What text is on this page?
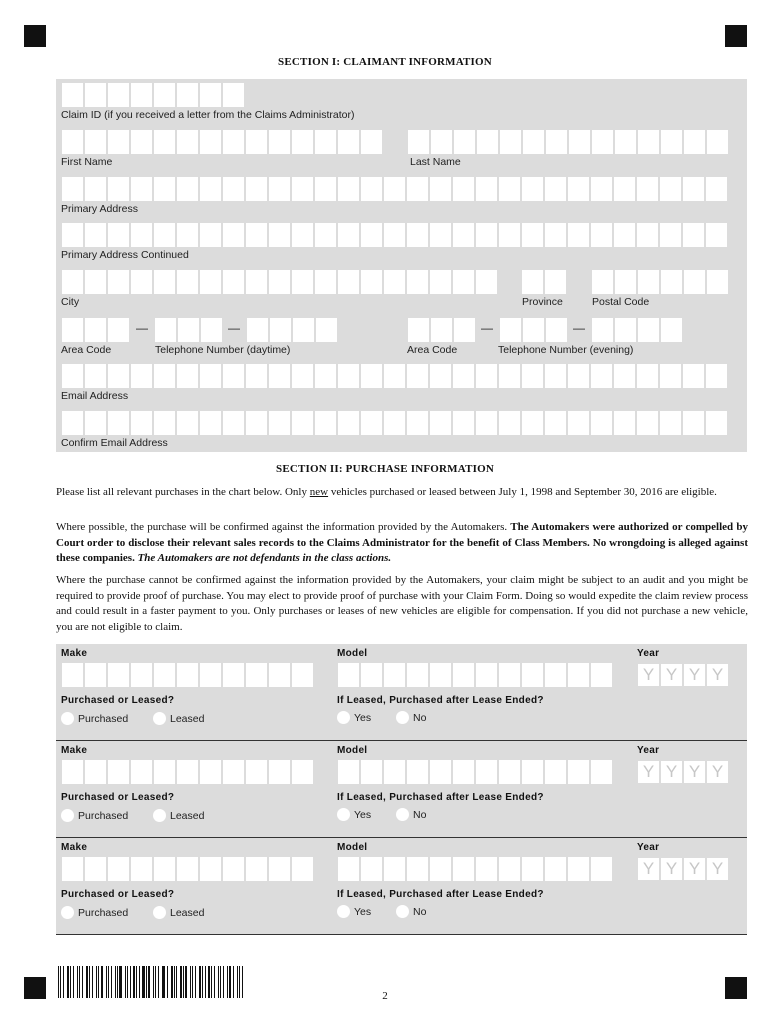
SECTION I: CLAIMANT INFORMATION
Claim ID (if you received a letter from the Claims Administrator)
First Name	Last Name
Primary Address
Primary Address Continued
City	Province	Postal Code
—	—	—	—
Area Code	Telephone Number (daytime)	Area Code	Telephone Number (evening)
Email Address
Confirm Email Address
SECTION II: PURCHASE INFORMATION

Please list all relevant purchases in the chart below. Only new vehicles purchased or leased between July 1, 1998 and September 30, 2016 are eligible.

Where possible, the purchase will be confirmed against the information provided by the Automakers. The Automakers were authorized or compelled by Court order to disclose their relevant sales records to the Claims Administrator for the benefit of Class Members. No wrongdoing is alleged against these companies. The Automakers are not defendants in the class actions.

Where the purchase cannot be confirmed against the information provided by the Automakers, your claim might be subject to an audit and you might be required to provide proof of purchase. You may elect to provide proof of purchase with your Claim Form. Doing so would expedite the claim review process and could result in a faster payment to you. Only purchases or leases of new vehicles are eligible for compensation. If you did not purchase a new vehicle, you are not eligible to claim.

Make	Model	Year
Y Y Y Y
Purchased or Leased?	If Leased, Purchased after Lease Ended?
Purchased	Leased	Yes	No
Make	Model	Year
Y Y Y Y
Purchased or Leased?	If Leased, Purchased after Lease Ended?
Purchased	Leased	Yes	No
Make	Model	Year
Y Y Y Y
Purchased or Leased?	If Leased, Purchased after Lease Ended?
Purchased	Leased	Yes	No
2
